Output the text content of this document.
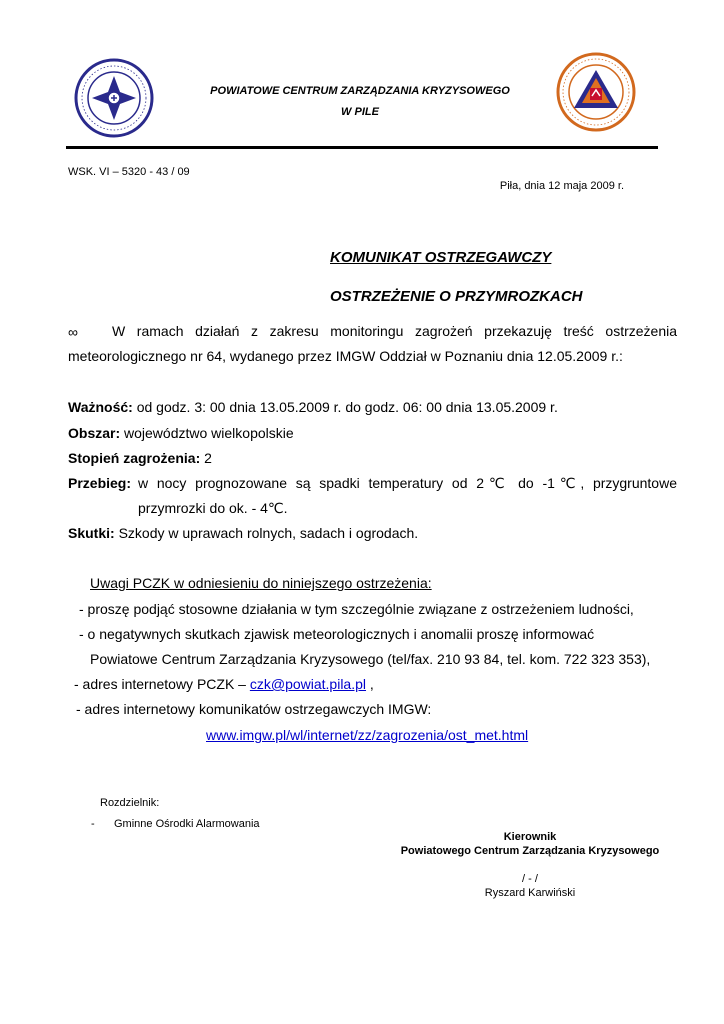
POWIATOWE CENTRUM ZARZĄDZANIA KRYZYSOWEGO
W PILE
WSK. VI – 5320 - 43 / 09
Piła, dnia 12 maja 2009 r.
KOMUNIKAT OSTRZEGAWCZY
OSTRZEŻENIE O PRZYMROZKACH
∞ W ramach działań z zakresu monitoringu zagrożeń przekazuję treść ostrzeżenia
meteorologicznego nr 64, wydanego przez IMGW Oddział w Poznaniu dnia 12.05.2009 r.:
Ważność: od godz. 3: 00 dnia 13.05.2009 r. do godz. 06: 00 dnia 13.05.2009 r.
Obszar: województwo wielkopolskie
Stopień zagrożenia: 2
Przebieg: w nocy prognozowane są spadki temperatury od 2℃ do -1℃, przygruntowe
przymrozki do ok. - 4℃.
Skutki: Szkody w uprawach rolnych, sadach i ogrodach.
Uwagi PCZK w odniesieniu do niniejszego ostrzeżenia:
- proszę podjąć stosowne działania w tym szczególnie związane z ostrzeżeniem ludności,
- o negatywnych skutkach zjawisk meteorologicznych i anomalii proszę informować
Powiatowe Centrum Zarządzania Kryzysowego (tel/fax. 210 93 84, tel. kom. 722 323 353),
- adres internetowy PCZK – czk@powiat.pila.pl ,
- adres internetowy komunikatów ostrzegawczych IMGW:
www.imgw.pl/wl/internet/zz/zagrozenia/ost_met.html
Rozdzielnik:
- Gminne Ośrodki Alarmowania
Kierownik
Powiatowego Centrum Zarządzania Kryzysowego
/ - /
Ryszard Karwiński
